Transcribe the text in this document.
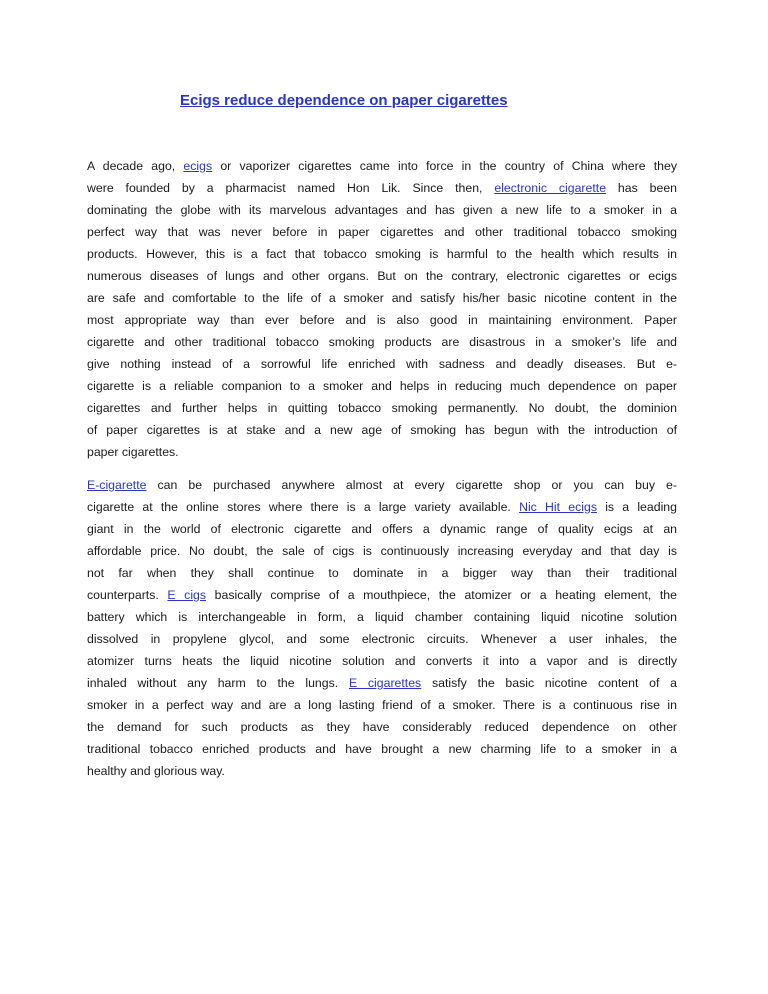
Ecigs reduce dependence on paper cigarettes
A decade ago, ecigs or vaporizer cigarettes came into force in the country of China where they
were founded by a pharmacist named Hon Lik. Since then, electronic cigarette has been
dominating the globe with its marvelous advantages and has given a new life to a smoker in a
perfect way that was never before in paper cigarettes and other traditional tobacco smoking
products. However, this is a fact that tobacco smoking is harmful to the health which results in
numerous diseases of lungs and other organs. But on the contrary, electronic cigarettes or ecigs
are safe and comfortable to the life of a smoker and satisfy his/her basic nicotine content in the
most appropriate way than ever before and is also good in maintaining environment. Paper
cigarette and other traditional tobacco smoking products are disastrous in a smoker’s life and
give nothing instead of a sorrowful life enriched with sadness and deadly diseases. But e-
cigarette is a reliable companion to a smoker and helps in reducing much dependence on paper
cigarettes and further helps in quitting tobacco smoking permanently. No doubt, the dominion
of paper cigarettes is at stake and a new age of smoking has begun with the introduction of
paper cigarettes.
E-cigarette can be purchased anywhere almost at every cigarette shop or you can buy e-
cigarette at the online stores where there is a large variety available. Nic Hit ecigs is a leading
giant in the world of electronic cigarette and offers a dynamic range of quality ecigs at an
affordable price. No doubt, the sale of cigs is continuously increasing everyday and that day is
not far when they shall continue to dominate in a bigger way than their traditional
counterparts. E cigs basically comprise of a mouthpiece, the atomizer or a heating element, the
battery which is interchangeable in form, a liquid chamber containing liquid nicotine solution
dissolved in propylene glycol, and some electronic circuits. Whenever a user inhales, the
atomizer turns heats the liquid nicotine solution and converts it into a vapor and is directly
inhaled without any harm to the lungs. E cigarettes satisfy the basic nicotine content of a
smoker in a perfect way and are a long lasting friend of a smoker. There is a continuous rise in
the demand for such products as they have considerably reduced dependence on other
traditional tobacco enriched products and have brought a new charming life to a smoker in a
healthy and glorious way.
